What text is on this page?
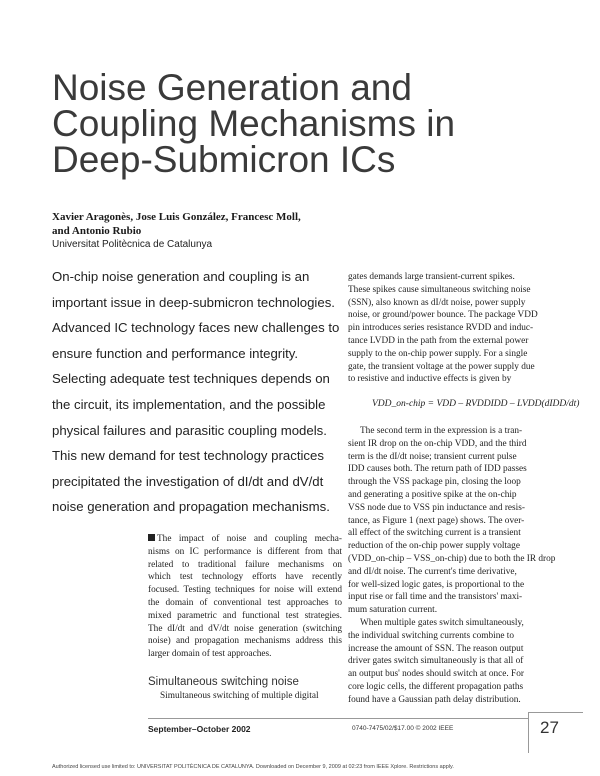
Noise Generation and
Coupling Mechanisms in
Deep-Submicron ICs
Xavier Aragonès, Jose Luis González, Francesc Moll,
and Antonio Rubio
Universitat Politècnica de Catalunya
On-chip noise generation and coupling is an
important issue in deep-submicron technologies.
Advanced IC technology faces new challenges to
ensure function and performance integrity.
Selecting adequate test techniques depends on
the circuit, its implementation, and the possible
physical failures and parasitic coupling models.
This new demand for test technology practices
precipitated the investigation of dI/dt and dV/dt
noise generation and propagation mechanisms.
The impact of noise and coupling mecha-
nisms on IC performance is different from that
related to traditional failure mechanisms on
which test technology efforts have recently
focused. Testing techniques for noise will extend
the domain of conventional test approaches to
mixed parametric and functional test strategies.
The dI/dt and dV/dt noise generation (switching
noise) and propagation mechanisms address this
larger domain of test approaches.
Simultaneous switching noise
Simultaneous switching of multiple digital
gates demands large transient-current spikes.
These spikes cause simultaneous switching noise
(SSN), also known as dI/dt noise, power supply
noise, or ground/power bounce. The package VDD
pin introduces series resistance RVDD and induc-
tance LVDD in the path from the external power
supply to the on-chip power supply. For a single
gate, the transient voltage at the power supply due
to resistive and inductive effects is given by
VDD_on-chip = VDD – RVDDIDD – LVDD(dIDD/dt)
The second term in the expression is a tran-
sient IR drop on the on-chip VDD, and the third
term is the dI/dt noise; transient current pulse
IDD causes both. The return path of IDD passes
through the VSS package pin, closing the loop
and generating a positive spike at the on-chip
VSS node due to VSS pin inductance and resis-
tance, as Figure 1 (next page) shows. The over-
all effect of the switching current is a transient
reduction of the on-chip power supply voltage
(VDD_on-chip – VSS_on-chip) due to both the IR drop
and dI/dt noise. The current's time derivative,
for well-sized logic gates, is proportional to the
input rise or fall time and the transistors' maxi-
mum saturation current.
When multiple gates switch simultaneously,
the individual switching currents combine to
increase the amount of SSN. The reason output
driver gates switch simultaneously is that all of
an output bus' nodes should switch at once. For
core logic cells, the different propagation paths
found have a Gaussian path delay distribution.
September–October 2002	0740-7475/02/$17.00 © 2002 IEEE	27
Authorized licensed use limited to: UNIVERSITAT POLITÈCNICA DE CATALUNYA. Downloaded on December 9, 2009 at 02:23 from IEEE Xplore. Restrictions apply.
